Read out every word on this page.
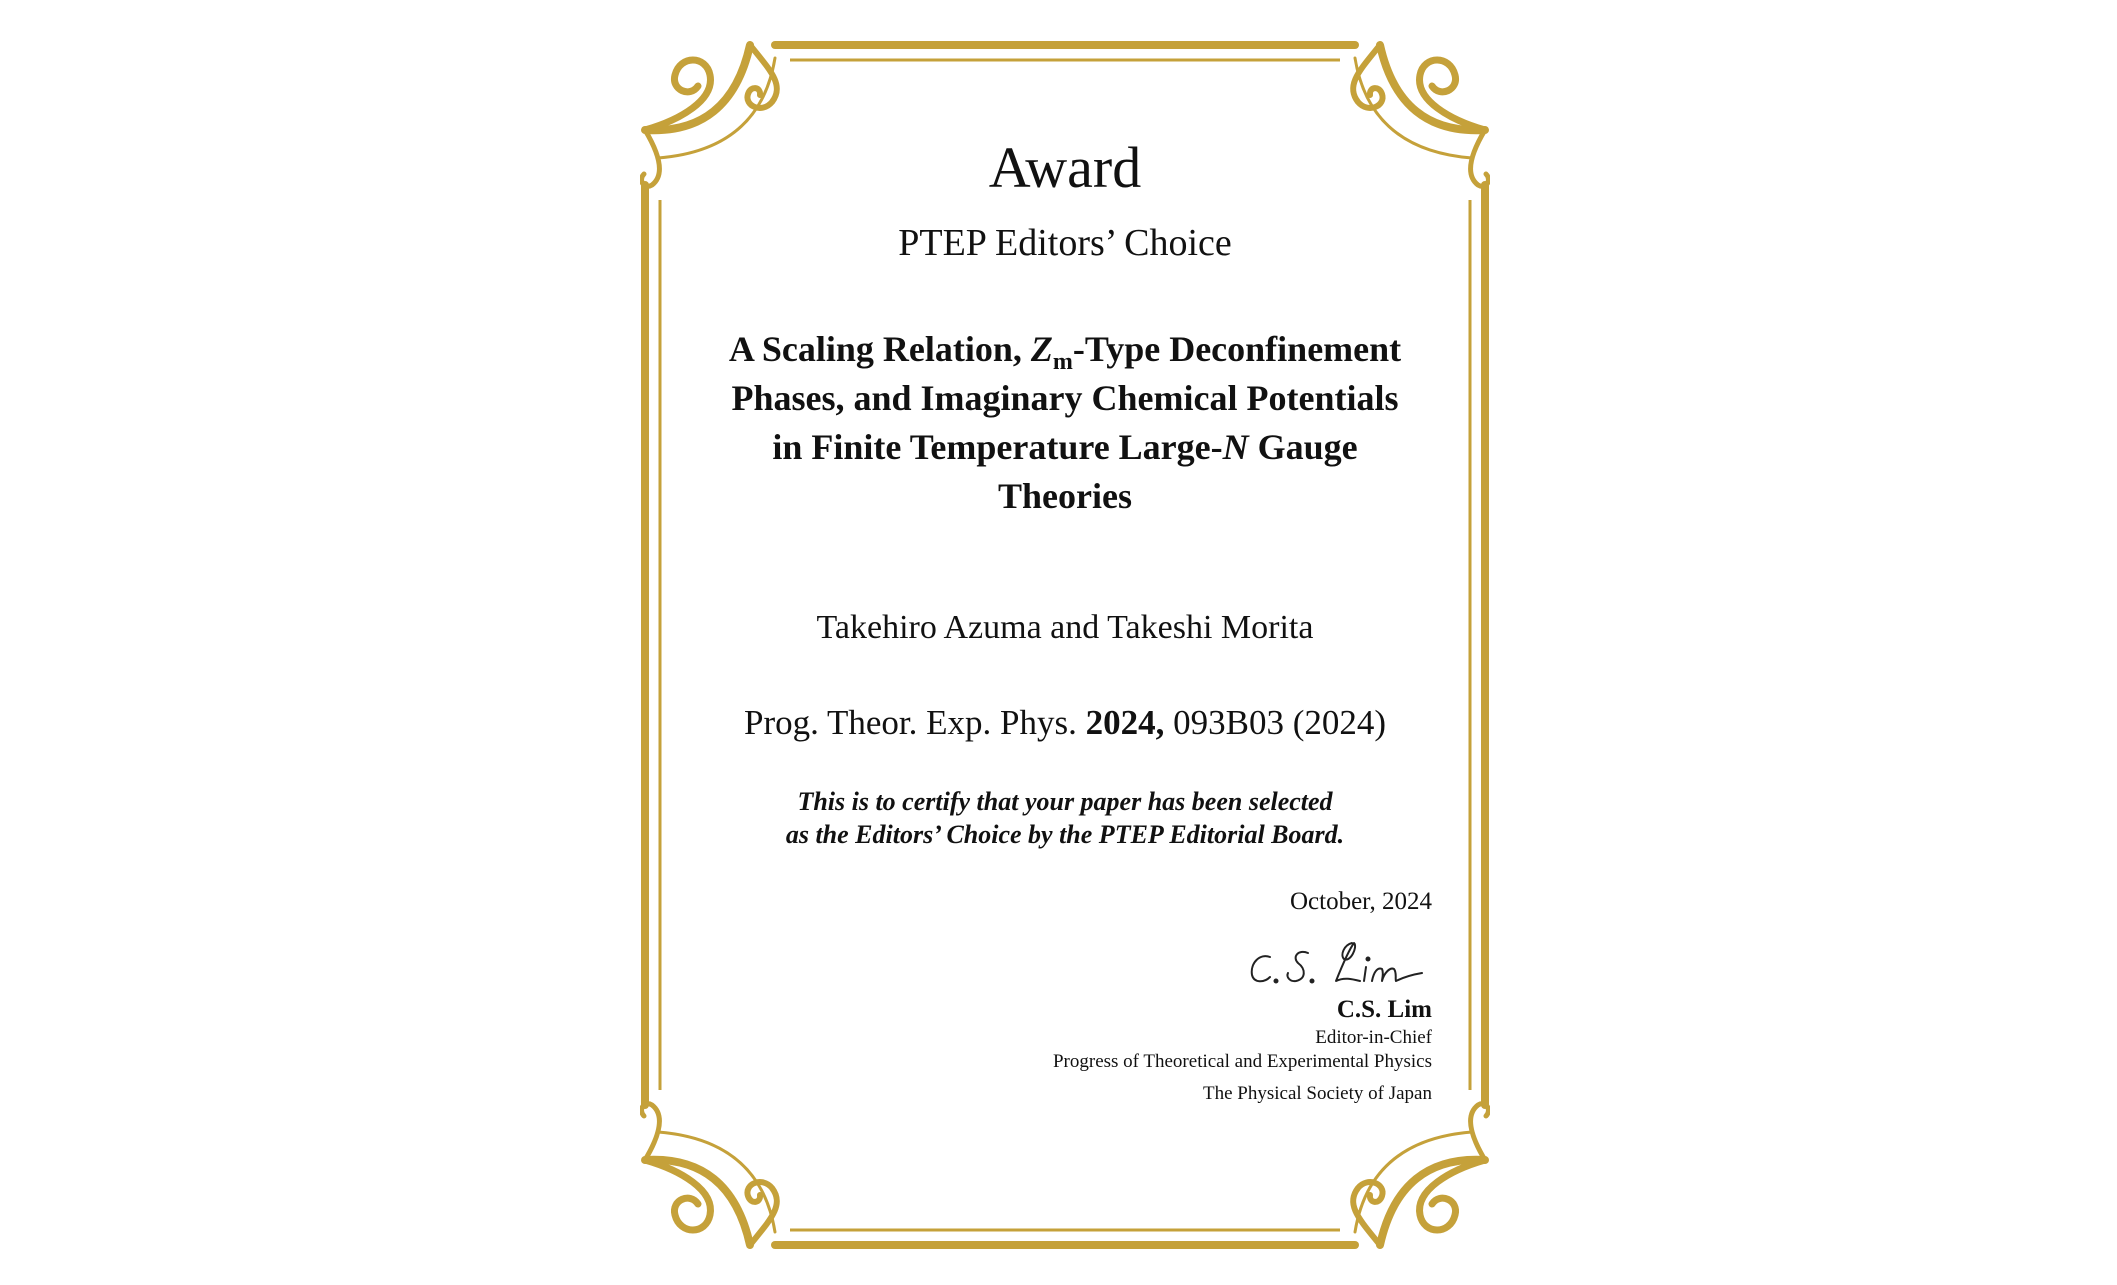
Award
PTEP Editors’ Choice
A Scaling Relation, $Z_m$-Type Deconfinement
Phases, and Imaginary Chemical Potentials
in Finite Temperature Large-N Gauge
Theories
Takehiro Azuma and Takeshi Morita
Prog. Theor. Exp. Phys. 2024, 093B03 (2024)
This is to certify that your paper has been selected
as the Editors’ Choice by the PTEP Editorial Board.
October, 2024
C.S. Lim
Editor-in-Chief
Progress of Theoretical and Experimental Physics
The Physical Society of Japan
